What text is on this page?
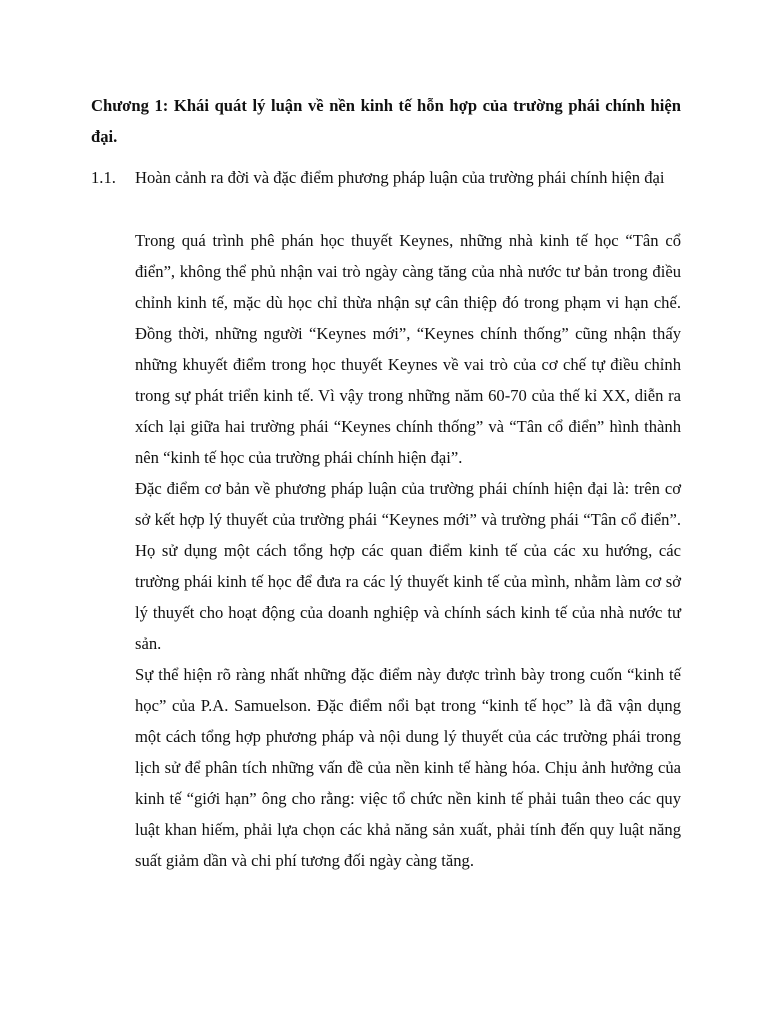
Chương 1: Khái quát lý luận về nền kinh tế hỗn hợp của trường phái chính hiện đại.
1.1. Hoàn cảnh ra đời và đặc điểm phương pháp luận của trường phái chính hiện đại

Trong quá trình phê phán học thuyết Keynes, những nhà kinh tế học “Tân cổ điển”, không thể phủ nhận vai trò ngày càng tăng của nhà nước tư bản trong điều chỉnh kinh tế, mặc dù học chỉ thừa nhận sự cân thiệp đó trong phạm vi hạn chế. Đồng thời, những người “Keynes mới”, “Keynes chính thống” cũng nhận thấy những khuyết điểm trong học thuyết Keynes về vai trò của cơ chế tự điều chỉnh trong sự phát triển kinh tế. Vì vậy trong những năm 60-70 của thế kỉ XX, diễn ra xích lại giữa hai trường phái “Keynes chính thống” và “Tân cổ điển” hình thành nên “kinh tế học của trường phái chính hiện đại”.

Đặc điểm cơ bản về phương pháp luận của trường phái chính hiện đại là: trên cơ sở kết hợp lý thuyết của trường phái “Keynes mới” và trường phái “Tân cổ điển”. Họ sử dụng một cách tổng hợp các quan điểm kinh tế của các xu hướng, các trường phái kinh tế học để đưa ra các lý thuyết kinh tế của mình, nhằm làm cơ sở lý thuyết cho hoạt động của doanh nghiệp và chính sách kinh tế của nhà nước tư sản.

Sự thể hiện rõ ràng nhất những đặc điểm này được trình bày trong cuốn “kinh tế học” của P.A. Samuelson. Đặc điểm nổi bạt trong “kinh tế học” là đã vận dụng một cách tổng hợp phương pháp và nội dung lý thuyết của các trường phái trong lịch sử để phân tích những vấn đề của nền kinh tế hàng hóa. Chịu ảnh hưởng của kinh tế “giới hạn” ông cho rằng: việc tổ chức nền kinh tế phải tuân theo các quy luật khan hiếm, phải lựa chọn các khả năng sản xuất, phải tính đến quy luật năng suất giảm dần và chi phí tương đối ngày càng tăng.
